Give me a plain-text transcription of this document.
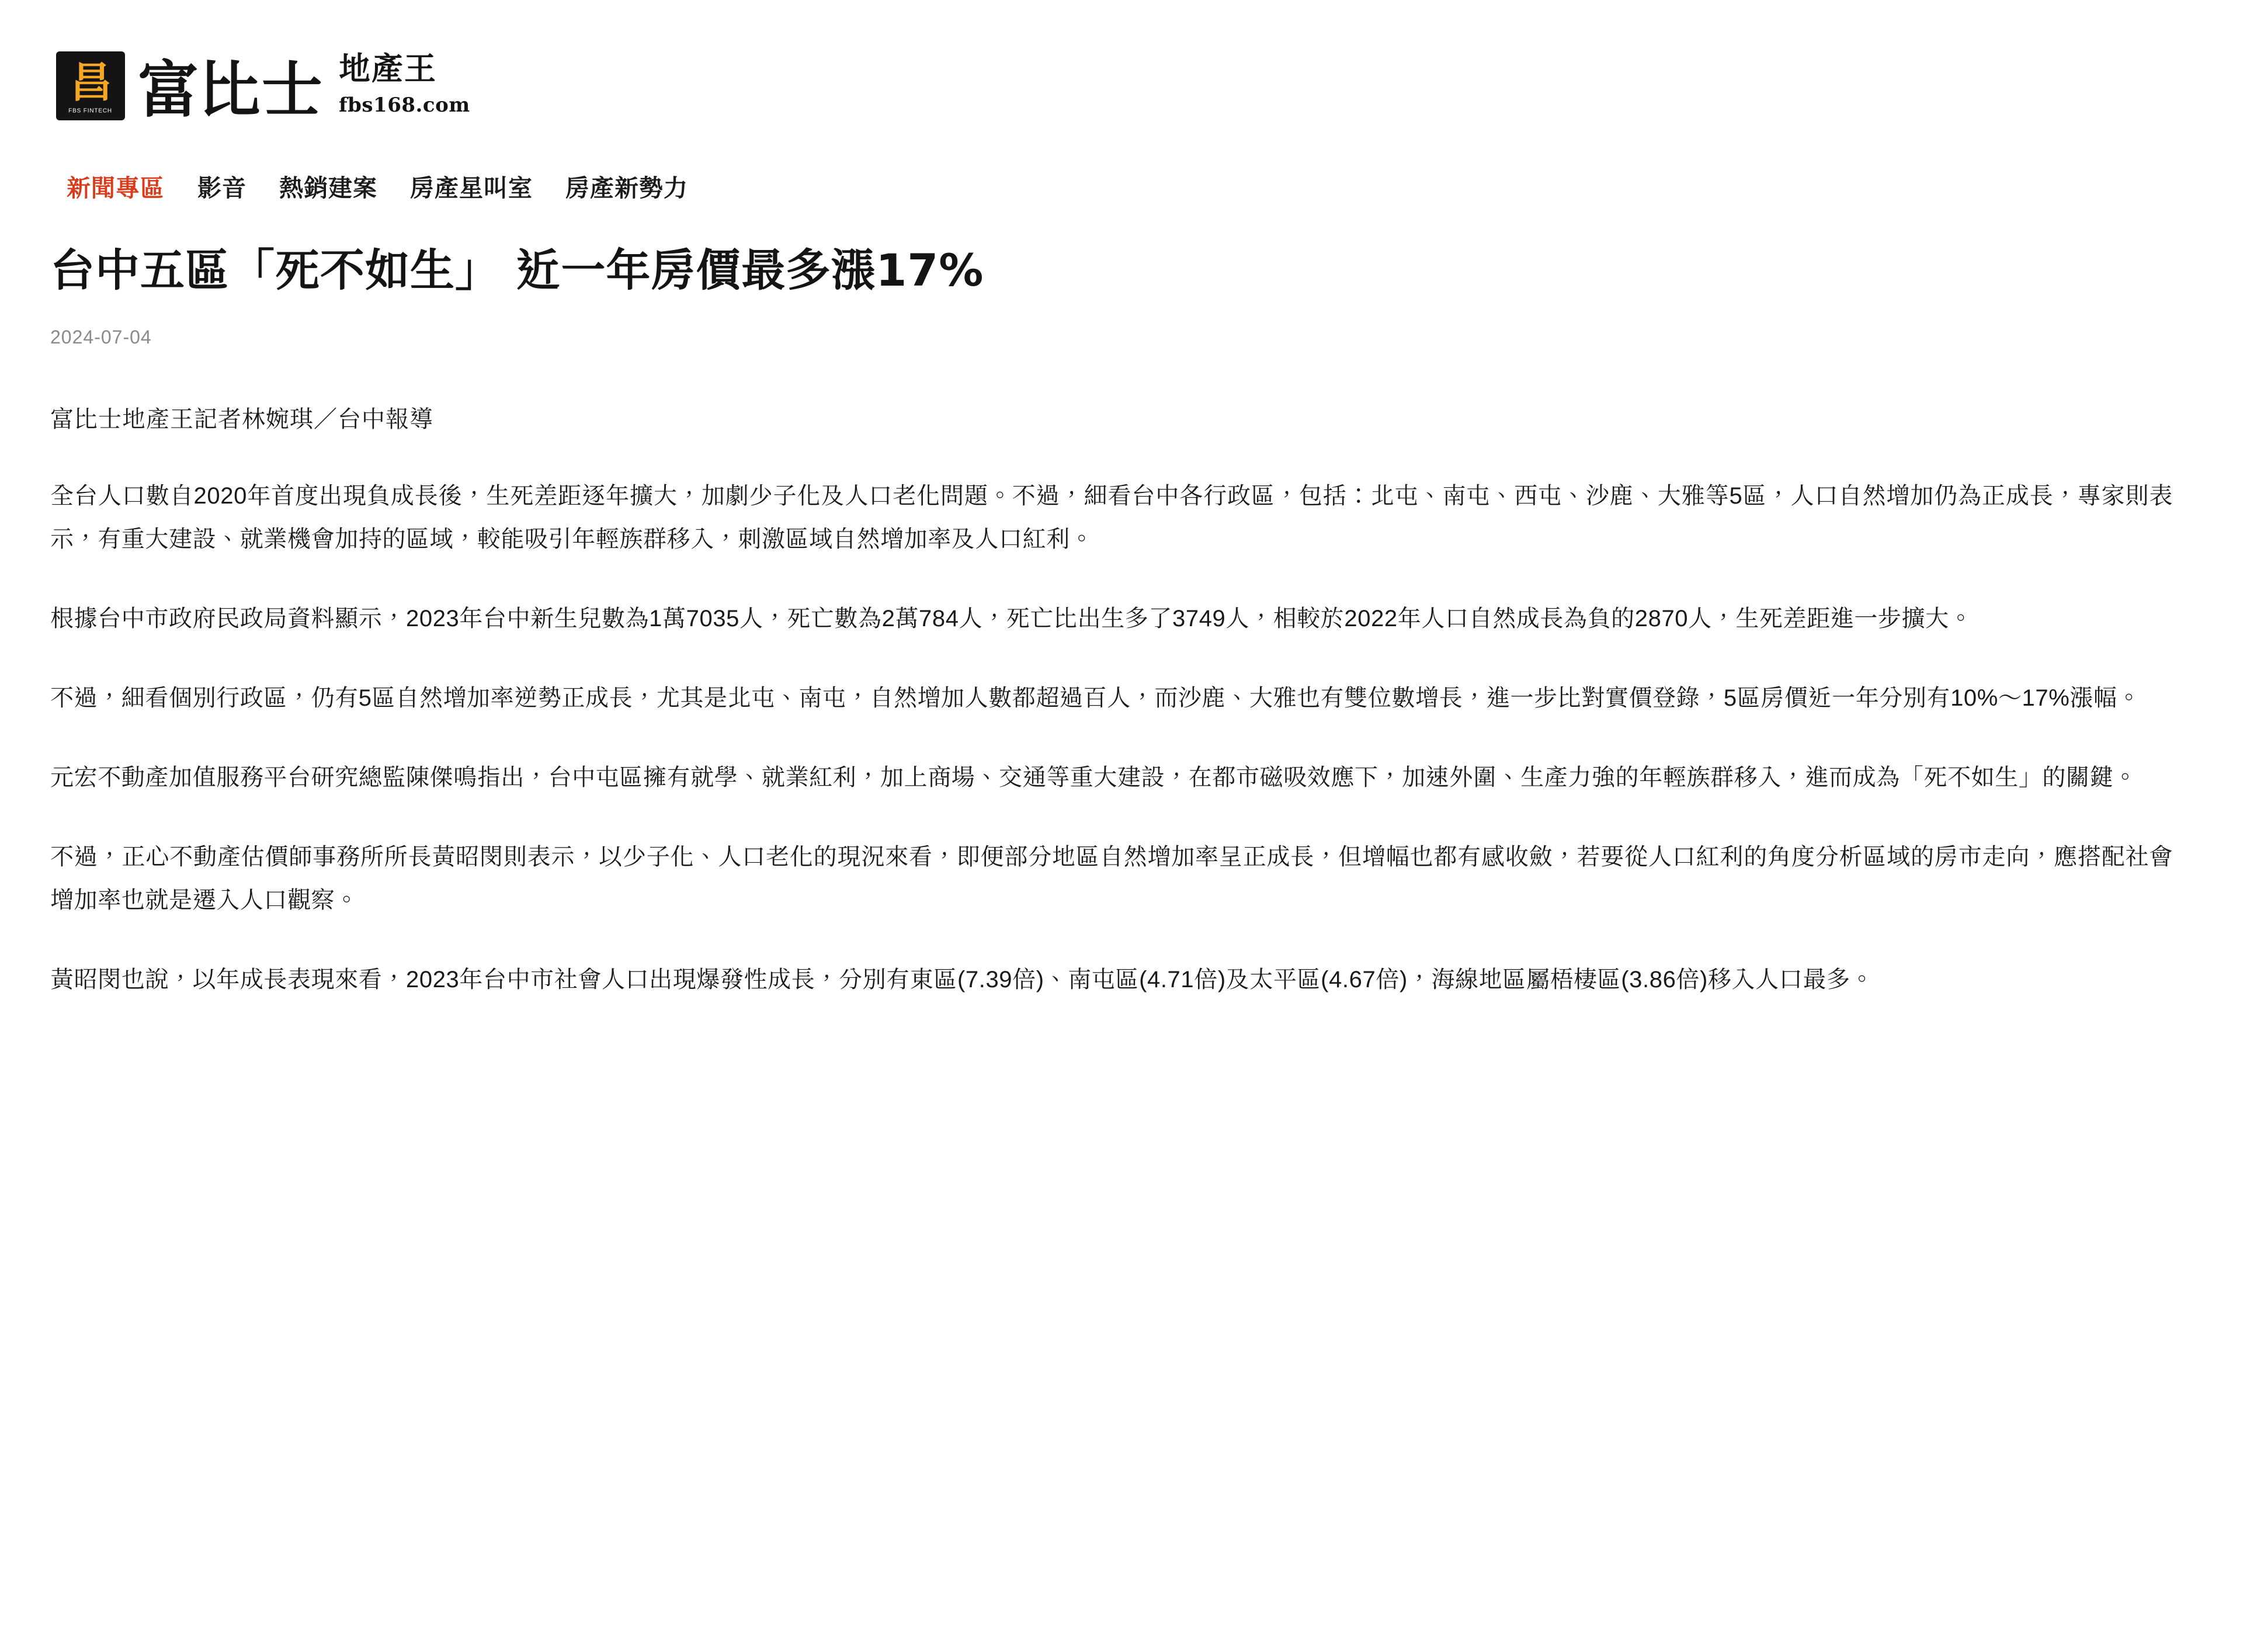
昌
FBS FINTECH 富比士 地產王
fbs168.com
新聞專區	影音	熱銷建案	房產星叫室	房產新勢力
台中五區「死不如生」 近一年房價最多漲17%
2024-07-04

富比士地產王記者林婉琪／台中報導

全台人口數自2020年首度出現負成長後，生死差距逐年擴大，加劇少子化及人口老化問題。不過，細看台中各行政區，包括：北屯、南屯、西屯、沙鹿、大雅等5區，人口自然增加仍為正成長，專家則表示，有重大建設、就業機會加持的區域，較能吸引年輕族群移入，刺激區域自然增加率及人口紅利。

根據台中市政府民政局資料顯示，2023年台中新生兒數為1萬7035人，死亡數為2萬784人，死亡比出生多了3749人，相較於2022年人口自然成長為負的2870人，生死差距進一步擴大。

不過，細看個別行政區，仍有5區自然增加率逆勢正成長，尤其是北屯、南屯，自然增加人數都超過百人，而沙鹿、大雅也有雙位數增長，進一步比對實價登錄，5區房價近一年分別有10%～17%漲幅。

元宏不動產加值服務平台研究總監陳傑鳴指出，台中屯區擁有就學、就業紅利，加上商場、交通等重大建設，在都市磁吸效應下，加速外圍、生產力強的年輕族群移入，進而成為「死不如生」的關鍵。

不過，正心不動產估價師事務所所長黃昭閔則表示，以少子化、人口老化的現況來看，即便部分地區自然增加率呈正成長，但增幅也都有感收斂，若要從人口紅利的角度分析區域的房市走向，應搭配社會增加率也就是遷入人口觀察。

黃昭閔也說，以年成長表現來看，2023年台中市社會人口出現爆發性成長，分別有東區(7.39倍)、南屯區(4.71倍)及太平區(4.67倍)，海線地區屬梧棲區(3.86倍)移入人口最多。
